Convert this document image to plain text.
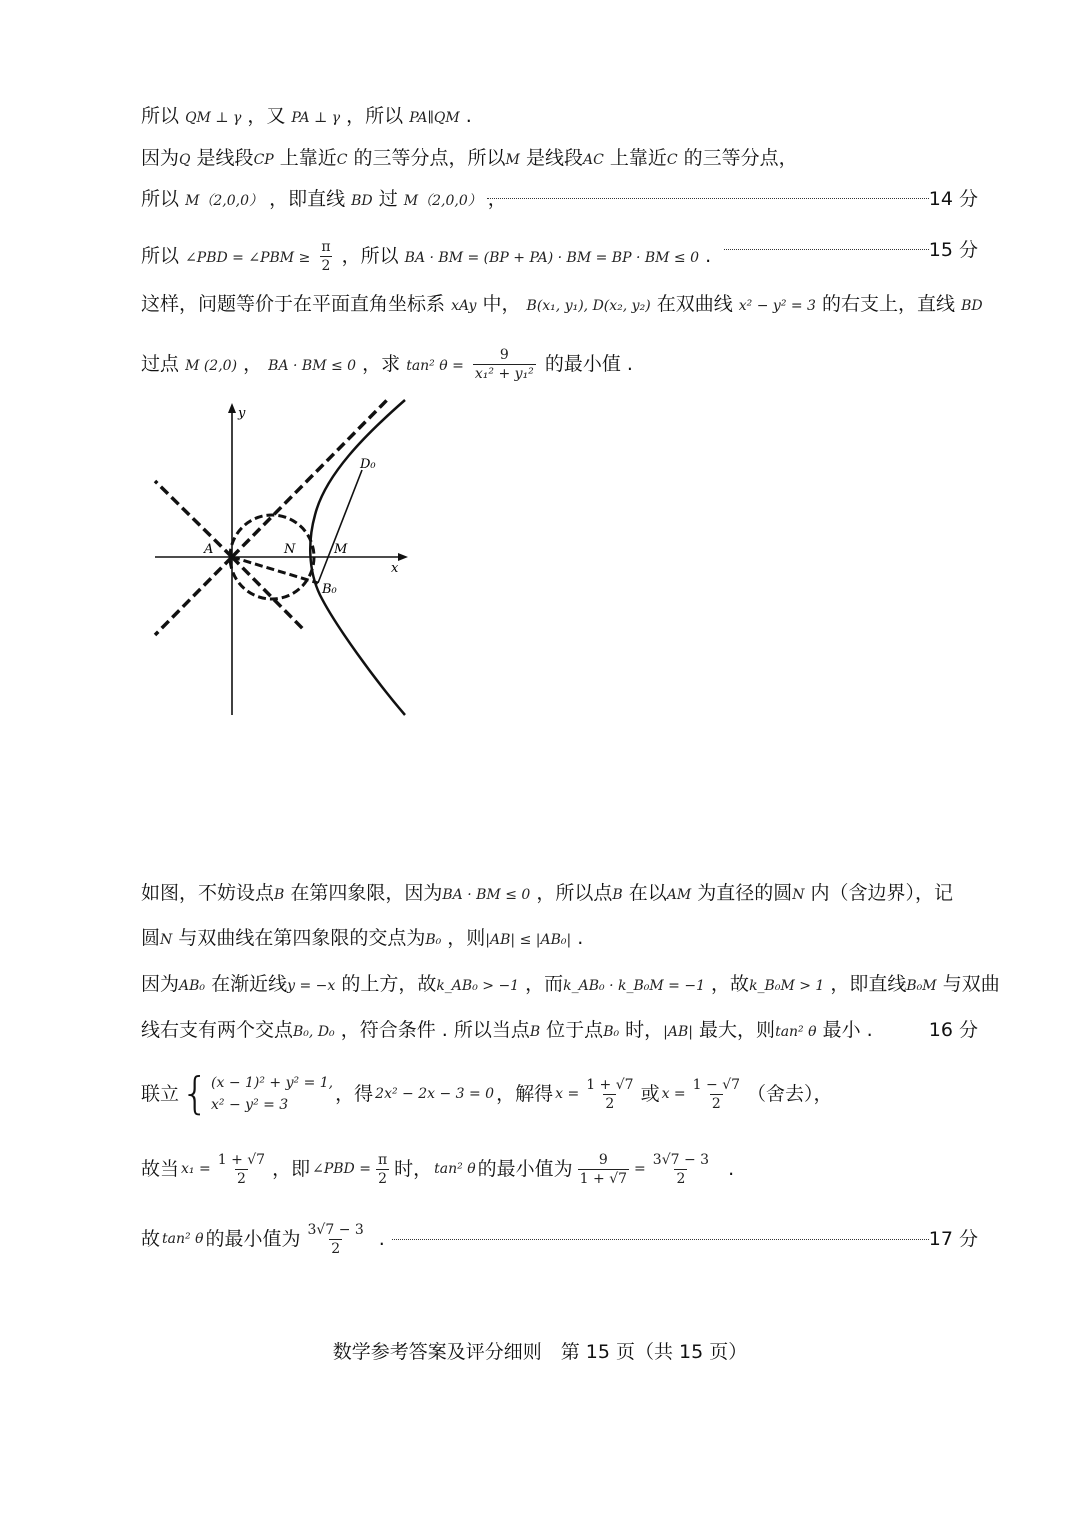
所以 QM ⊥ γ ，又 PA ⊥ γ ，所以 PA∥QM .
因为Q 是线段CP 上靠近C 的三等分点，所以M 是线段AC 上靠近C 的三等分点，
所以 M（2,0,0） ，即直线 BD 过 M（2,0,0） ，	14 分
所以 ∠PBD = ∠PBM ≥ $\frac{\pi}{2}$ ，所以 BA · BM = (BP + PA) · BM = BP · BM ≤ 0 .	15 分
这样，问题等价于在平面直角坐标系 xAy 中， B(x₁, y₁), D(x₂, y₂) 在双曲线 x² − y² = 3 的右支上，直线 BD
过点 M (2,0) ， BA · BM ≤ 0 ，求 tan² $\theta = \frac{9}{\text{x₁² + y₁²}}$ 的最小值 .
y
x
A	N	M
D₀
B₀
如图，不妨设点B 在第四象限，因为BA · BM ≤ 0 ，所以点B 在以AM 为直径的圆N 内（含边界），记
圆N 与双曲线在第四象限的交点为B₀ ，则|AB| ≤ |AB₀| .
因为AB₀ 在渐近线y = −x 的上方，故k_AB₀ > −1 ，而k_AB₀ · k_B₀M = −1 ，故k_B₀M > 1 ，即直线B₀M 与双曲
线右支有两个交点B₀, D₀ ，符合条件 . 所以当点B 位于点B₀ 时，|AB| 最大，则tan² θ 最小 .	16 分
联立 { (x − 1)² + y² = 1,
x² − y² = 3	，得 2x² − 2x − 3 = 0 ，解得 $x = \frac{1 + √7}{2}$ 或 $x = \frac{1 - √7}{2}$ （舍去），
故当 $x_1 = \frac{1 + √7}{2}$ ，即 ∠PBD = $\frac{\pi}{2}$ 时， tan² θ 的最小值为 $\frac{9}{1 + √7} = \frac{3√7 - 3}{2}$ .
故 tan² θ 的最小值为 $\frac{3√7 - 3}{2}$ .	17 分
数学参考答案及评分细则　第 15 页（共 15 页）
